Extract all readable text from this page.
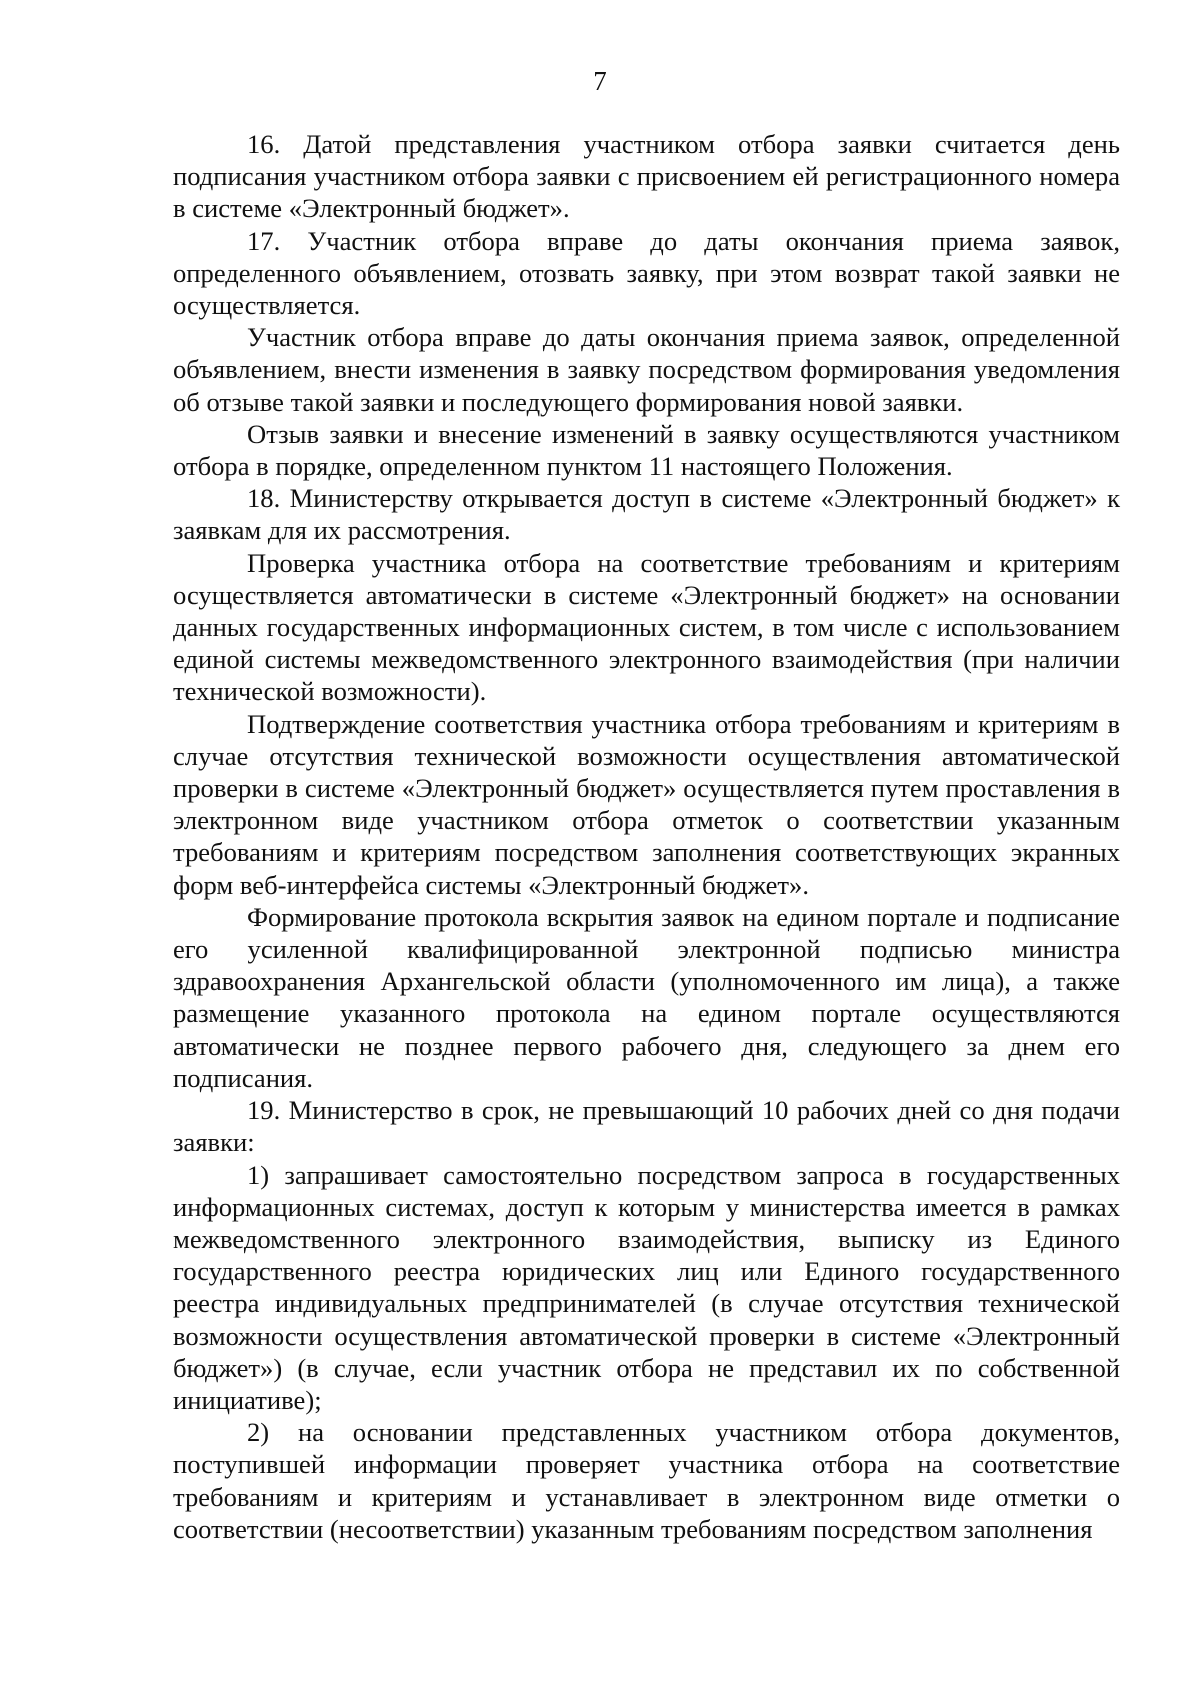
7

16. Датой представления участником отбора заявки считается день подписания участником отбора заявки с присвоением ей регистрационного номера в системе «Электронный бюджет».

17. Участник отбора вправе до даты окончания приема заявок, определенного объявлением, отозвать заявку, при этом возврат такой заявки не осуществляется.

Участник отбора вправе до даты окончания приема заявок, определенной объявлением, внести изменения в заявку посредством формирования уведомления об отзыве такой заявки и последующего формирования новой заявки.

Отзыв заявки и внесение изменений в заявку осуществляются участником отбора в порядке, определенном пунктом 11 настоящего Положения.

18. Министерству открывается доступ в системе «Электронный бюджет» к заявкам для их рассмотрения.

Проверка участника отбора на соответствие требованиям и критериям осуществляется автоматически в системе «Электронный бюджет» на основании данных государственных информационных систем, в том числе с использованием единой системы межведомственного электронного взаимодействия (при наличии технической возможности).

Подтверждение соответствия участника отбора требованиям и критериям в случае отсутствия технической возможности осуществления автоматической проверки в системе «Электронный бюджет» осуществляется путем проставления в электронном виде участником отбора отметок о соответствии указанным требованиям и критериям посредством заполнения соответствующих экранных форм веб-интерфейса системы «Электронный бюджет».

Формирование протокола вскрытия заявок на едином портале и подписание его усиленной квалифицированной электронной подписью министра здравоохранения Архангельской области (уполномоченного им лица), а также размещение указанного протокола на едином портале осуществляются автоматически не позднее первого рабочего дня, следующего за днем его подписания.

19. Министерство в срок, не превышающий 10 рабочих дней со дня подачи заявки:

1) запрашивает самостоятельно посредством запроса в государственных информационных системах, доступ к которым у министерства имеется в рамках межведомственного электронного взаимодействия, выписку из Единого государственного реестра юридических лиц или Единого государственного реестра индивидуальных предпринимателей (в случае отсутствия технической возможности осуществления автоматической проверки в системе «Электронный бюджет») (в случае, если участник отбора не представил их по собственной инициативе);

2) на основании представленных участником отбора документов, поступившей информации проверяет участника отбора на соответствие требованиям и критериям и устанавливает в электронном виде отметки о соответствии (несоответствии) указанным требованиям посредством заполнения
